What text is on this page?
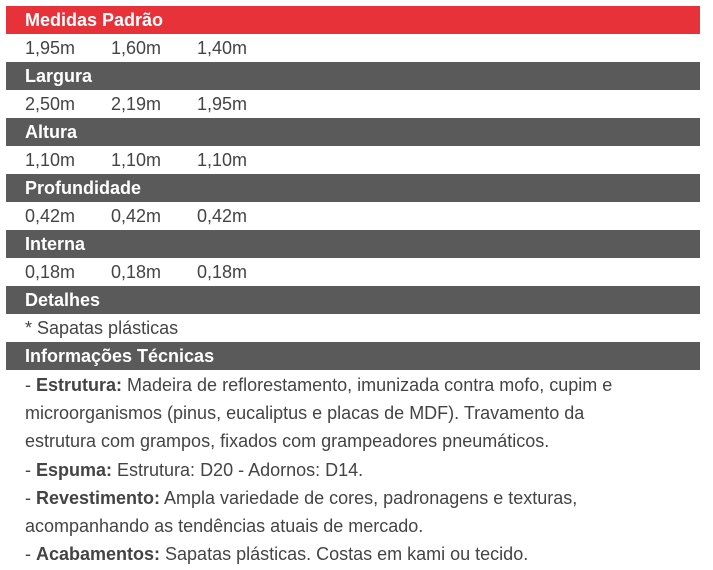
Medidas Padrão
1,95m 1,60m 1,40m
Largura
2,50m 2,19m 1,95m
Altura
1,10m 1,10m 1,10m
Profundidade
0,42m 0,42m 0,42m
Interna
0,18m 0,18m 0,18m
Detalhes
* Sapatas plásticas
Informações Técnicas
- Estrutura: Madeira de reflorestamento, imunizada contra mofo, cupim e
microorganismos (pinus, eucaliptus e placas de MDF). Travamento da
estrutura com grampos, fixados com grampeadores pneumáticos.
- Espuma: Estrutura: D20 - Adornos: D14.
- Revestimento: Ampla variedade de cores, padronagens e texturas,
acompanhando as tendências atuais de mercado.
- Acabamentos: Sapatas plásticas. Costas em kami ou tecido.
